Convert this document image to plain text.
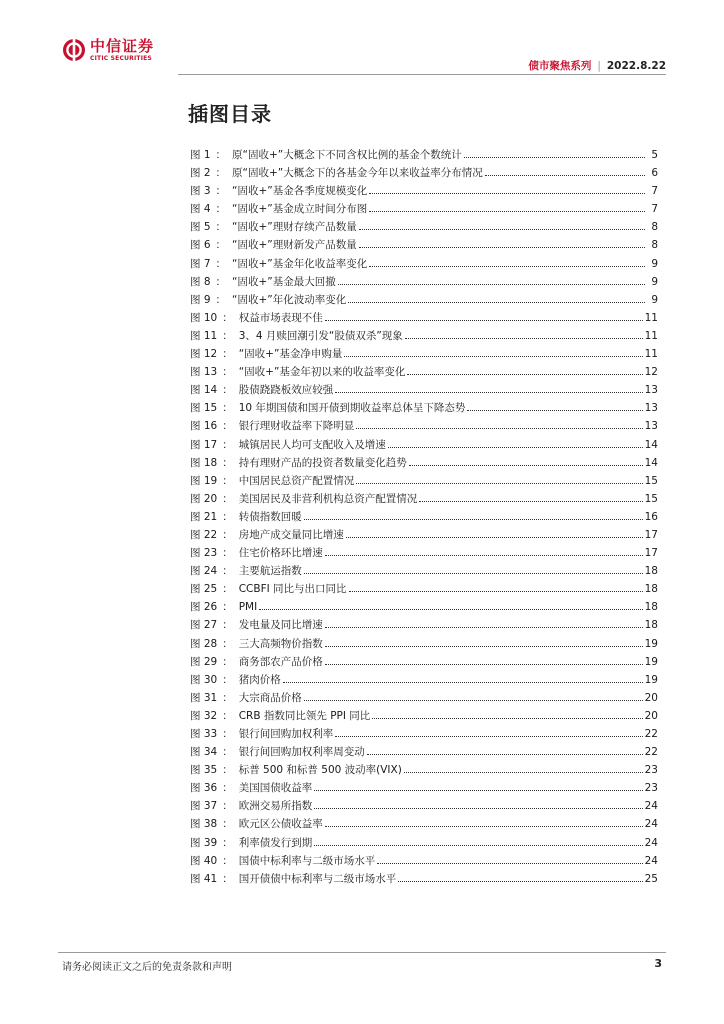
中信证券
CITIC SECURITIES
债市聚焦系列 | 2022.8.22
插图目录
图 1 ： 原“固收+”大概念下不同含权比例的基金个数统计	5
图 2 ： 原“固收+”大概念下的各基金今年以来收益率分布情况	6
图 3 ： “固收+”基金各季度规模变化	7
图 4 ： “固收+”基金成立时间分布图	7
图 5 ： “固收+”理财存续产品数量	8
图 6 ： “固收+”理财新发产品数量	8
图 7 ： “固收+”基金年化收益率变化	9
图 8 ： “固收+”基金最大回撤	9
图 9 ： “固收+”年化波动率变化	9
图 10 ： 权益市场表现不佳	11
图 11 ： 3、4 月赎回潮引发“股债双杀”现象	11
图 12 ： “固收+”基金净申购量	11
图 13 ： “固收+”基金年初以来的收益率变化	12
图 14 ： 股债跷跷板效应较强	13
图 15 ： 10 年期国债和国开债到期收益率总体呈下降态势	13
图 16 ： 银行理财收益率下降明显	13
图 17 ： 城镇居民人均可支配收入及增速	14
图 18 ： 持有理财产品的投资者数量变化趋势	14
图 19 ： 中国居民总资产配置情况	15
图 20 ： 美国居民及非营利机构总资产配置情况	15
图 21 ： 转债指数回暖	16
图 22 ： 房地产成交量同比增速	17
图 23 ： 住宅价格环比增速	17
图 24 ： 主要航运指数	18
图 25 ： CCBFI 同比与出口同比	18
图 26 ： PMI	18
图 27 ： 发电量及同比增速	18
图 28 ： 三大高频物价指数	19
图 29 ： 商务部农产品价格	19
图 30 ： 猪肉价格	19
图 31 ： 大宗商品价格	20
图 32 ： CRB 指数同比领先 PPI 同比	20
图 33 ： 银行间回购加权利率	22
图 34 ： 银行间回购加权利率周变动	22
图 35 ： 标普 500 和标普 500 波动率(VIX)	23
图 36 ： 美国国债收益率	23
图 37 ： 欧洲交易所指数	24
图 38 ： 欧元区公债收益率	24
图 39 ： 利率债发行到期	24
图 40 ： 国债中标利率与二级市场水平	24
图 41 ： 国开债债中标利率与二级市场水平	25
请务必阅读正文之后的免责条款和声明	3
